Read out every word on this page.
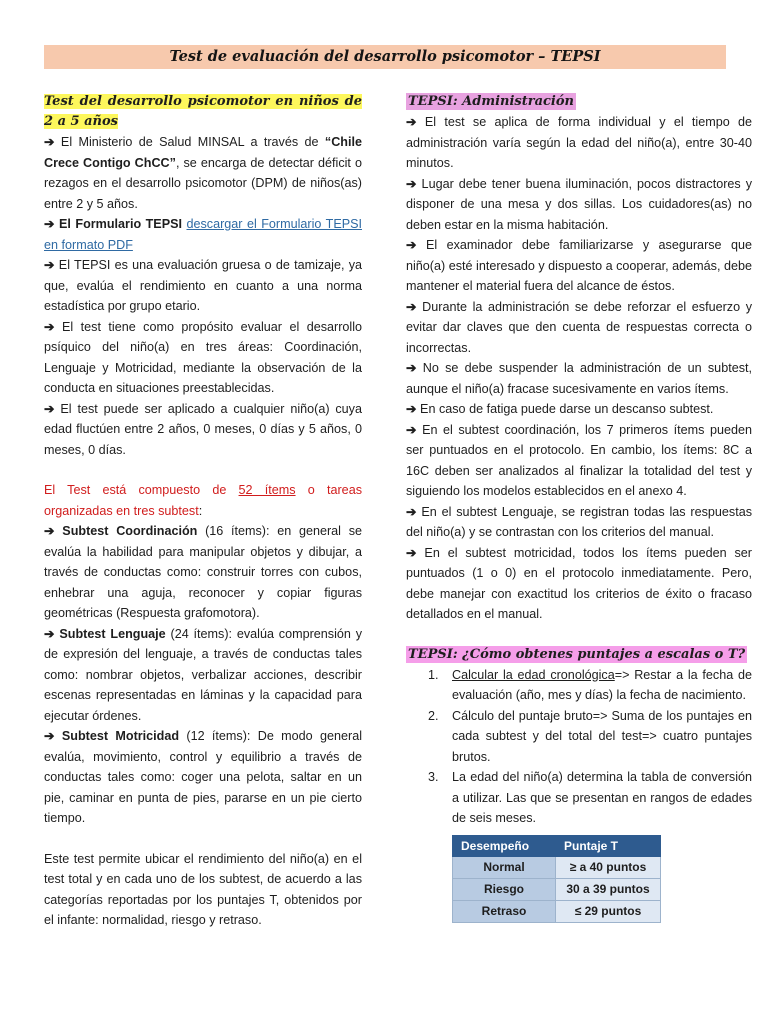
Test de evaluación del desarrollo psicomotor – TEPSI

Test del desarrollo psicomotor en niños de 2 a 5 años

➔ El Ministerio de Salud MINSAL a través de “Chile Crece Contigo ChCC”, se encarga de detectar déficit o rezagos en el desarrollo psicomotor (DPM) de niños(as) entre 2 y 5 años.

➔ El Formulario TEPSI descargar el Formulario TEPSI en formato PDF

➔ El TEPSI es una evaluación gruesa o de tamizaje, ya que, evalúa el rendimiento en cuanto a una norma estadística por grupo etario.

➔ El test tiene como propósito evaluar el desarrollo psíquico del niño(a) en tres áreas: Coordinación, Lenguaje y Motricidad, mediante la observación de la conducta en situaciones preestablecidas.

➔ El test puede ser aplicado a cualquier niño(a) cuya edad fluctúen entre 2 años, 0 meses, 0 días y 5 años, 0 meses, 0 días.

El Test está compuesto de 52 ítems o tareas organizadas en tres subtest:

➔ Subtest Coordinación (16 ítems): en general se evalúa la habilidad para manipular objetos y dibujar, a través de conductas como: construir torres con cubos, enhebrar una aguja, reconocer y copiar figuras geométricas (Respuesta grafomotora).

➔ Subtest Lenguaje (24 ítems): evalúa comprensión y de expresión del lenguaje, a través de conductas tales como: nombrar objetos, verbalizar acciones, describir escenas representadas en láminas y la capacidad para ejecutar órdenes.

➔ Subtest Motricidad (12 ítems): De modo general evalúa, movimiento, control y equilibrio a través de conductas tales como: coger una pelota, saltar en un pie, caminar en punta de pies, pararse en un pie cierto tiempo.

Este test permite ubicar el rendimiento del niño(a) en el test total y en cada uno de los subtest, de acuerdo a las categorías reportadas por los puntajes T, obtenidos por el infante: normalidad, riesgo y retraso.

TEPSI: Administración

➔ El test se aplica de forma individual y el tiempo de administración varía según la edad del niño(a), entre 30-40 minutos.

➔ Lugar debe tener buena iluminación, pocos distractores y disponer de una mesa y dos sillas. Los cuidadores(as) no deben estar en la misma habitación.

➔ El examinador debe familiarizarse y asegurarse que niño(a) esté interesado y dispuesto a cooperar, además, debe mantener el material fuera del alcance de éstos.

➔ Durante la administración se debe reforzar el esfuerzo y evitar dar claves que den cuenta de respuestas correcta o incorrectas.

➔ No se debe suspender la administración de un subtest, aunque el niño(a) fracase sucesivamente en varios ítems.

➔ En caso de fatiga puede darse un descanso subtest.

➔ En el subtest coordinación, los 7 primeros ítems pueden ser puntuados en el protocolo. En cambio, los ítems: 8C a 16C deben ser analizados al finalizar la totalidad del test y siguiendo los modelos establecidos en el anexo 4.

➔ En el subtest Lenguaje, se registran todas las respuestas del niño(a) y se contrastan con los criterios del manual.

➔ En el subtest motricidad, todos los ítems pueden ser puntuados (1 o 0) en el protocolo inmediatamente. Pero, debe manejar con exactitud los criterios de éxito o fracaso detallados en el manual.

TEPSI: ¿Cómo obtenes puntajes a escalas o T?

1. Calcular la edad cronológica=> Restar a la fecha de evaluación (año, mes y días) la fecha de nacimiento.
2. Cálculo del puntaje bruto=> Suma de los puntajes en cada subtest y del total del test=> cuatro puntajes brutos.
3. La edad del niño(a) determina la tabla de conversión a utilizar. Las que se presentan en rangos de edades de seis meses.
Desempeño	Puntaje T
Normal	≥ a 40 puntos
Riesgo	30 a 39 puntos
Retraso	≤ 29 puntos
